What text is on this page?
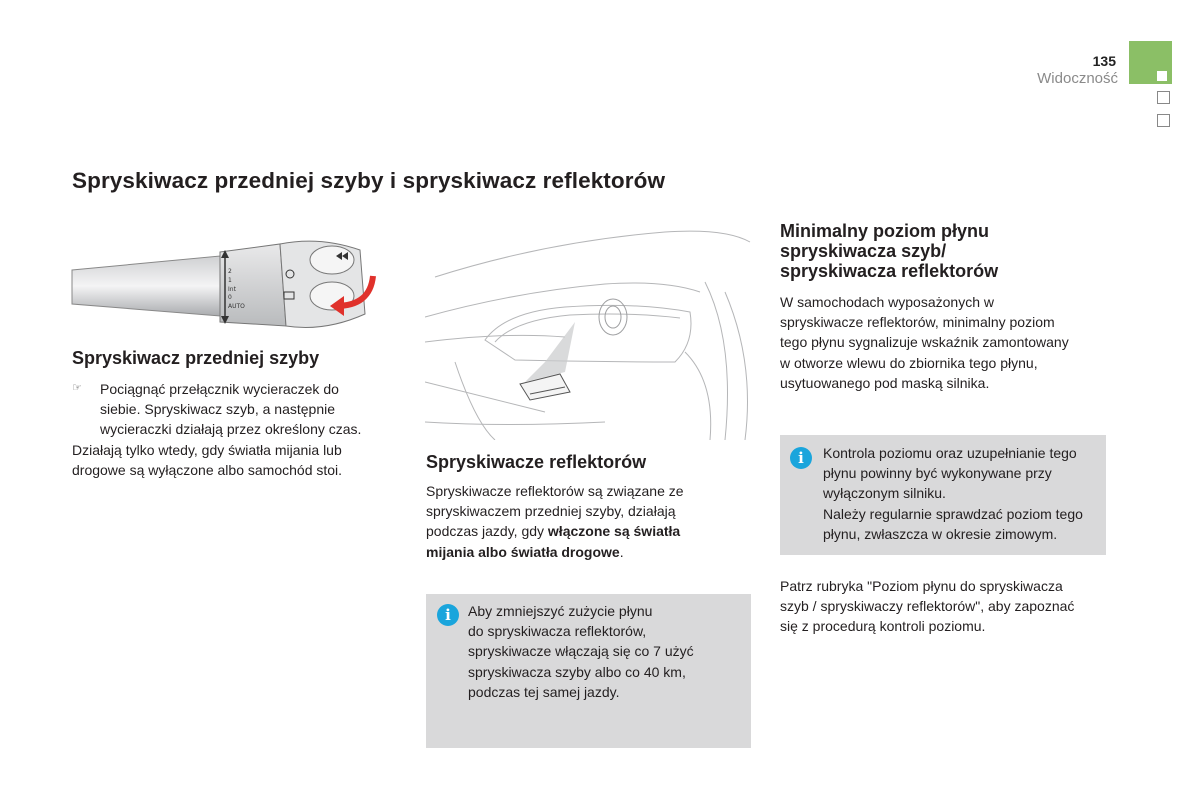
135
Widoczność
Spryskiwacz przedniej szyby i spryskiwacz reflektorów
2
1
Int
0
AUTO
Spryskiwacz przedniej szyby
☞	Pociągnąć przełącznik wycieraczek do

siebie. Spryskiwacz szyb, a następnie

wycieraczki działają przez określony czas.

Działają tylko wtedy, gdy światła mijania lub

drogowe są wyłączone albo samochód stoi.	Spryskiwacze reflektorów

Spryskiwacze reflektorów są związane ze

spryskiwaczem przedniej szyby, działają

podczas jazdy, gdy włączone są światła

mijania albo światła drogowe.

i	Aby zmniejszyć zużycie płynu

do spryskiwacza reflektorów,

spryskiwacze włączają się co 7 użyć

spryskiwacza szyby albo co 40 km,

podczas tej samej jazdy.

Minimalny poziom płynu
spryskiwacza szyb/
spryskiwacza reflektorów

W samochodach wyposażonych w

spryskiwacze reflektorów, minimalny poziom

tego płynu sygnalizuje wskaźnik zamontowany

w otworze wlewu do zbiornika tego płynu,

usytuowanego pod maską silnika.

i	Kontrola poziomu oraz uzupełnianie tego

płynu powinny być wykonywane przy

wyłączonym silniku.

Należy regularnie sprawdzać poziom tego

płynu, zwłaszcza w okresie zimowym.

Patrz rubryka "Poziom płynu do spryskiwacza

szyb / spryskiwaczy reflektorów", aby zapoznać

się z procedurą kontroli poziomu.
